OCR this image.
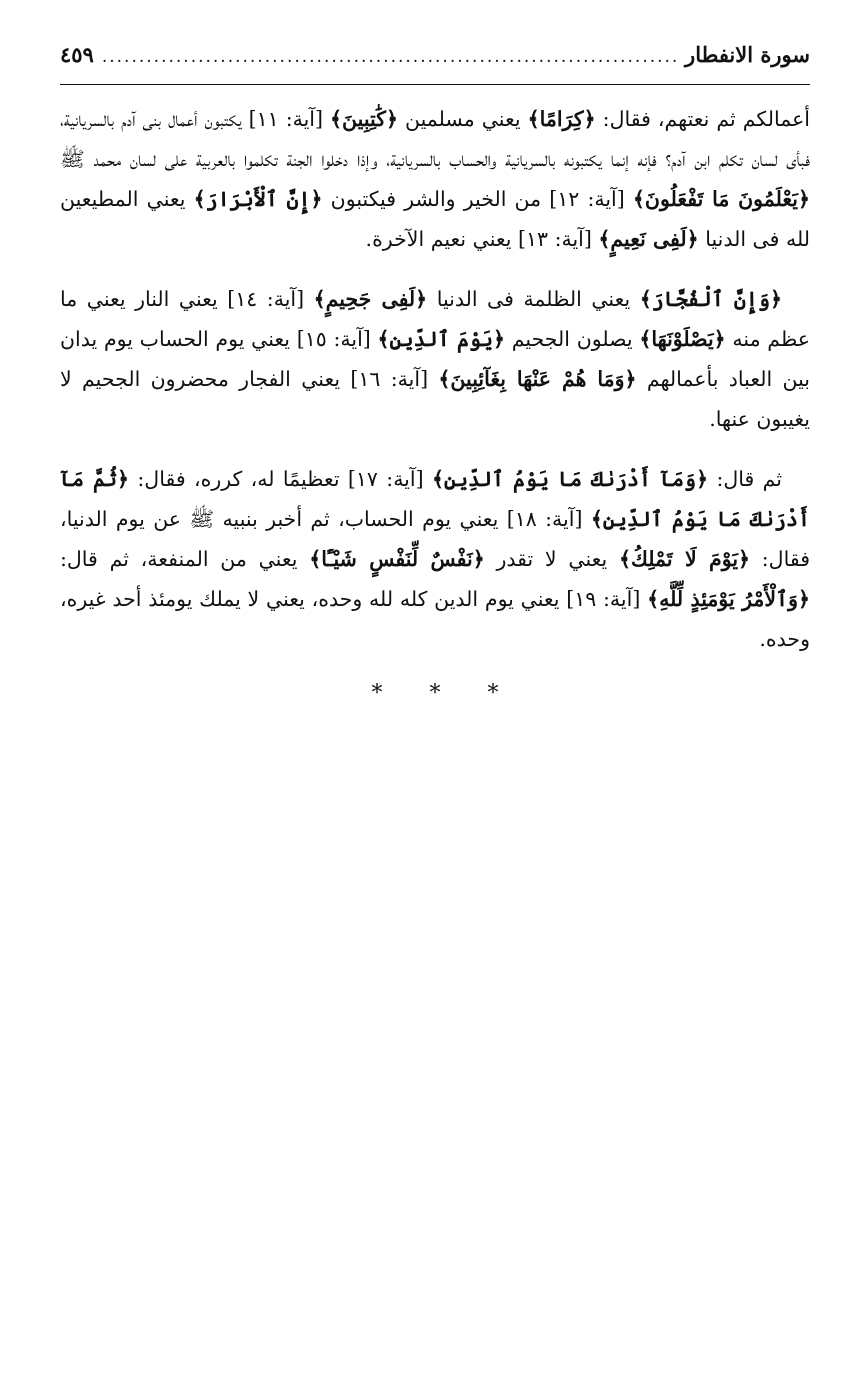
سورة الانفطار
.....
٤٥٩

أعمالكم ثم نعتهم، فقال: ﴿كِرَامًا﴾ يعني مسلمين ﴿كَٰتِبِينَ﴾ [آية: ١١] يكتبون أعمال بنى آدم بالسريانية، فبأى لسان تكلم ابن آدم؟ فإنه إنما يكتبونه بالسريانية والحساب بالسريانية، وإذا دخلوا الجنة تكلموا بالعربية على لسان محمد ﷺ ﴿يَعْلَمُونَ مَا تَفْعَلُونَ﴾ [آية: ١٢] من الخير والشر فيكتبون ﴿إِنَّ ٱلْأَبْرَارَ﴾ يعني المطيعين لله فى الدنيا ﴿لَفِى نَعِيمٍ﴾ [آية: ١٣] يعني نعيم الآخرة.

﴿وَإِنَّ ٱلْفُجَّارَ﴾ يعني الظلمة فى الدنيا ﴿لَفِى جَحِيمٍ﴾ [آية: ١٤] يعني النار يعني ما عظم منه ﴿يَصْلَوْنَهَا﴾ يصلون الجحيم ﴿يَوْمَ ٱلدِّينِ﴾ [آية: ١٥] يعني يوم الحساب يوم يدان بين العباد بأعمالهم ﴿وَمَا هُمْ عَنْهَا بِغَآئِبِينَ﴾ [آية: ١٦] يعني الفجار محضرون الجحيم لا يغيبون عنها.

ثم قال: ﴿وَمَآ أَدْرَىٰكَ مَا يَوْمُ ٱلدِّينِ﴾ [آية: ١٧] تعظيمًا له، كرره، فقال: ﴿ثُمَّ مَآ أَدْرَىٰكَ مَا يَوْمُ ٱلدِّينِ﴾ [آية: ١٨] يعني يوم الحساب، ثم أخبر بنبيه ﷺ عن يوم الدنيا، فقال: ﴿يَوْمَ لَا تَمْلِكُ﴾ يعني لا تقدر ﴿نَفْسٌ لِّنَفْسٍ شَيْـًٔا﴾ يعني من المنفعة، ثم قال: ﴿وَٱلْأَمْرُ يَوْمَئِذٍ لِّلَّهِ﴾ [آية: ١٩] يعني يوم الدين كله لله وحده، يعني لا يملك يومئذ أحد غيره، وحده.

* * *
